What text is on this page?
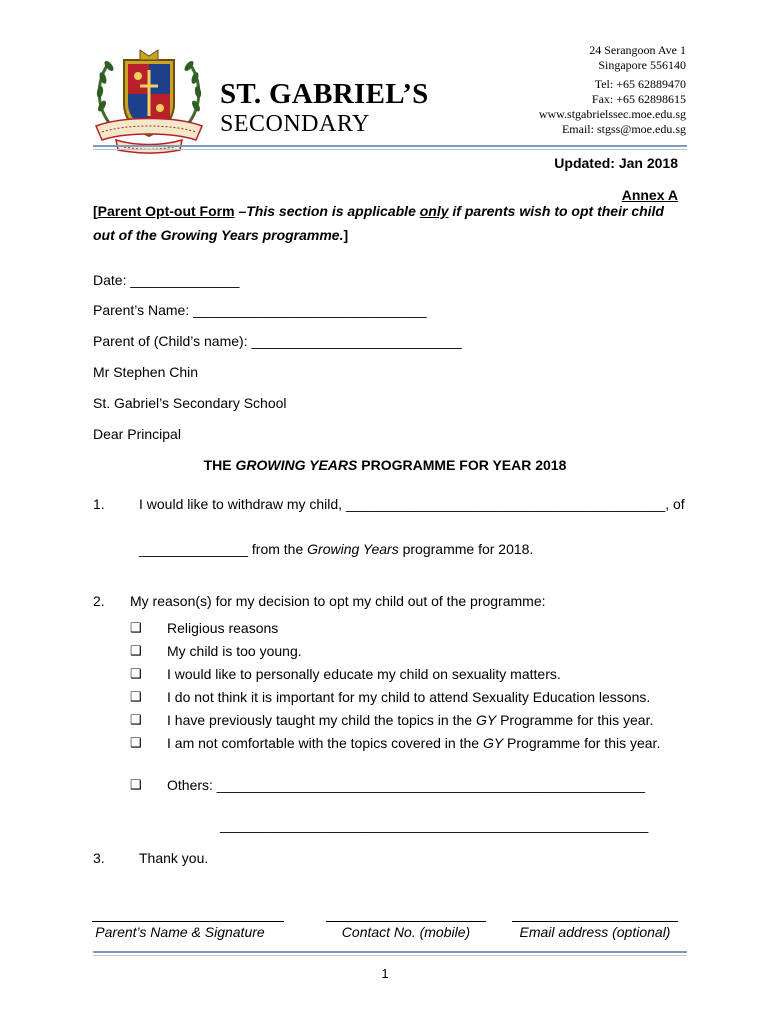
ST. GABRIEL’S
SECONDARY
24 Serangoon Ave 1
Singapore 556140
Tel: +65 62889470
Fax: +65 62898615
www.stgabrielssec.moe.edu.sg
Email: stgss@moe.edu.sg
Updated: Jan 2018
Annex A
[Parent Opt-out Form –This section is applicable only if parents wish to opt their child
out of the Growing Years programme.]
Date: ______________
Parent’s Name: ______________________________
Parent of (Child’s name): ___________________________
Mr Stephen Chin
St. Gabriel’s Secondary School
Dear Principal
THE GROWING YEARS PROGRAMME FOR YEAR 2018
1. I would like to withdraw my child, _________________________________________, of
______________ from the Growing Years programme for 2018.
2. My reason(s) for my decision to opt my child out of the programme:
❑ Religious reasons
❑ My child is too young.
❑ I would like to personally educate my child on sexuality matters.
❑ I do not think it is important for my child to attend Sexuality Education lessons.
❑ I have previously taught my child the topics in the GY Programme for this year.
❑ I am not comfortable with the topics covered in the GY Programme for this year.
❑ Others: _______________________________________________________
_______________________________________________________
3. Thank you.
Parent’s Name & Signature	Contact No. (mobile)	Email address (optional)
1
